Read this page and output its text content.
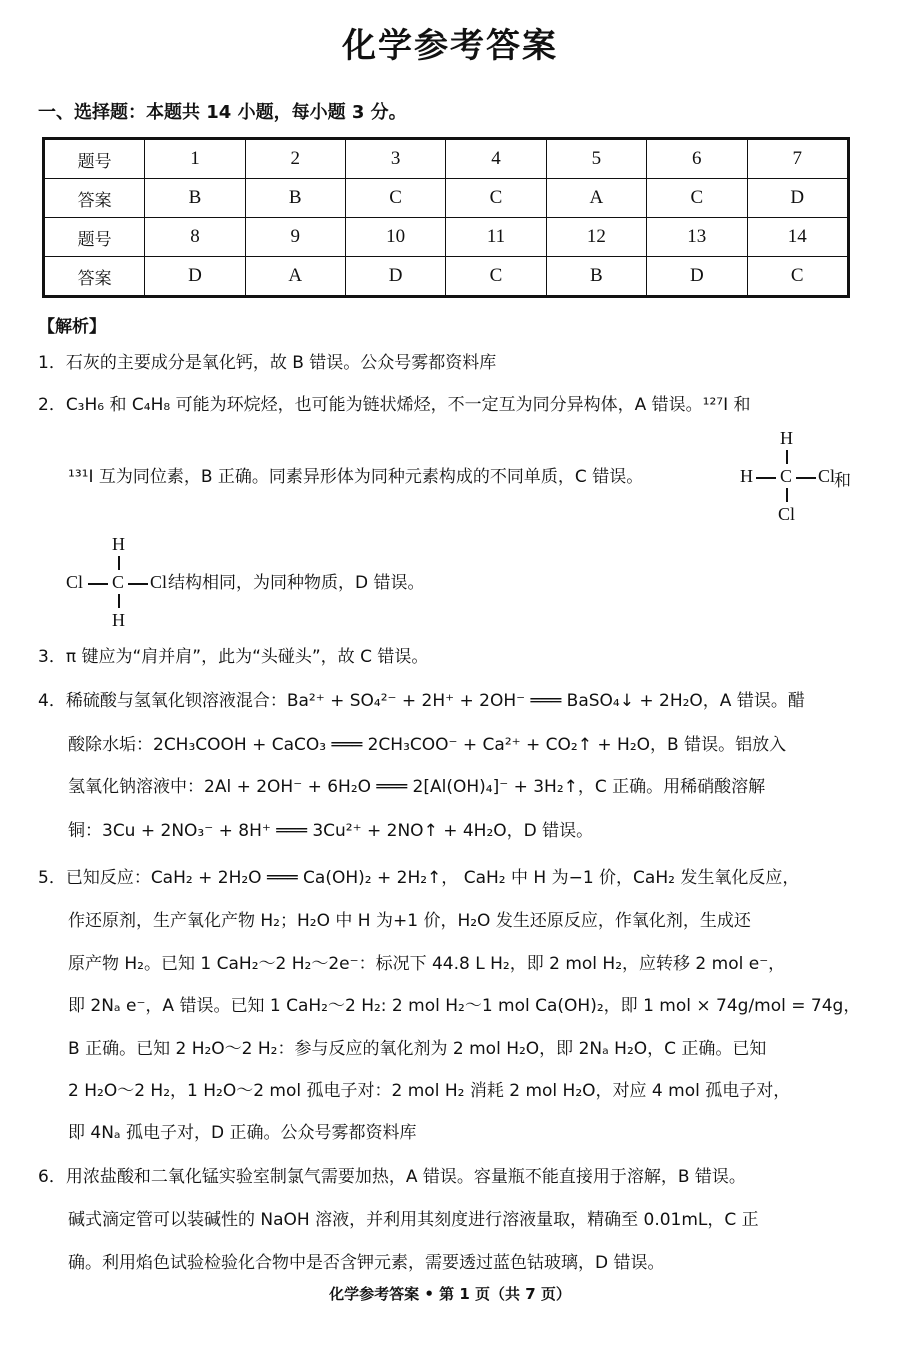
化学参考答案
一、选择题：本题共 14 小题，每小题 3 分。
题号	1	2	3	4	5	6	7
答案	B	B	C	C	A	C	D
题号	8	9	10	11	12	13	14
答案	D	A	D	C	B	D	C
【解析】
1．石灰的主要成分是氧化钙，故 B 错误。公众号雾都资料库
2．C₃H₆ 和 C₄H₈ 可能为环烷烃，也可能为链状烯烃，不一定互为同分异构体，A 错误。¹²⁷I 和
¹³¹I 互为同位素，B 正确。同素异形体为同种元素构成的不同单质，C 错误。
H
H C Cl
和
Cl
H
Cl C Cl
H
结构相同，为同种物质，D 错误。
3．π 键应为“肩并肩”，此为“头碰头”，故 C 错误。
4．稀硫酸与氢氧化钡溶液混合：Ba²⁺ + SO₄²⁻ + 2H⁺ + 2OH⁻ ═══ BaSO₄↓ + 2H₂O，A 错误。醋
酸除水垢：2CH₃COOH + CaCO₃ ═══ 2CH₃COO⁻ + Ca²⁺ + CO₂↑ + H₂O，B 错误。铝放入
氢氧化钠溶液中：2Al + 2OH⁻ + 6H₂O ═══ 2[Al(OH)₄]⁻ + 3H₂↑，C 正确。用稀硝酸溶解
铜：3Cu + 2NO₃⁻ + 8H⁺ ═══ 3Cu²⁺ + 2NO↑ + 4H₂O，D 错误。
5．已知反应：CaH₂ + 2H₂O ═══ Ca(OH)₂ + 2H₂↑， CaH₂ 中 H 为−1 价，CaH₂ 发生氧化反应，
作还原剂，生产氧化产物 H₂；H₂O 中 H 为+1 价，H₂O 发生还原反应，作氧化剂，生成还
原产物 H₂。已知 1 CaH₂～2 H₂～2e⁻：标况下 44.8 L H₂，即 2 mol H₂，应转移 2 mol e⁻，
即 2Nₐ e⁻，A 错误。已知 1 CaH₂～2 H₂: 2 mol H₂～1 mol Ca(OH)₂，即 1 mol × 74g/mol = 74g，
B 正确。已知 2 H₂O～2 H₂：参与反应的氧化剂为 2 mol H₂O，即 2Nₐ H₂O，C 正确。已知
2 H₂O～2 H₂，1 H₂O～2 mol 孤电子对：2 mol H₂ 消耗 2 mol H₂O，对应 4 mol 孤电子对，
即 4Nₐ 孤电子对，D 正确。公众号雾都资料库
6．用浓盐酸和二氧化锰实验室制氯气需要加热，A 错误。容量瓶不能直接用于溶解，B 错误。
碱式滴定管可以装碱性的 NaOH 溶液，并利用其刻度进行溶液量取，精确至 0.01mL，C 正
确。利用焰色试验检验化合物中是否含钾元素，需要透过蓝色钴玻璃，D 错误。
化学参考答案 • 第 1 页（共 7 页）
